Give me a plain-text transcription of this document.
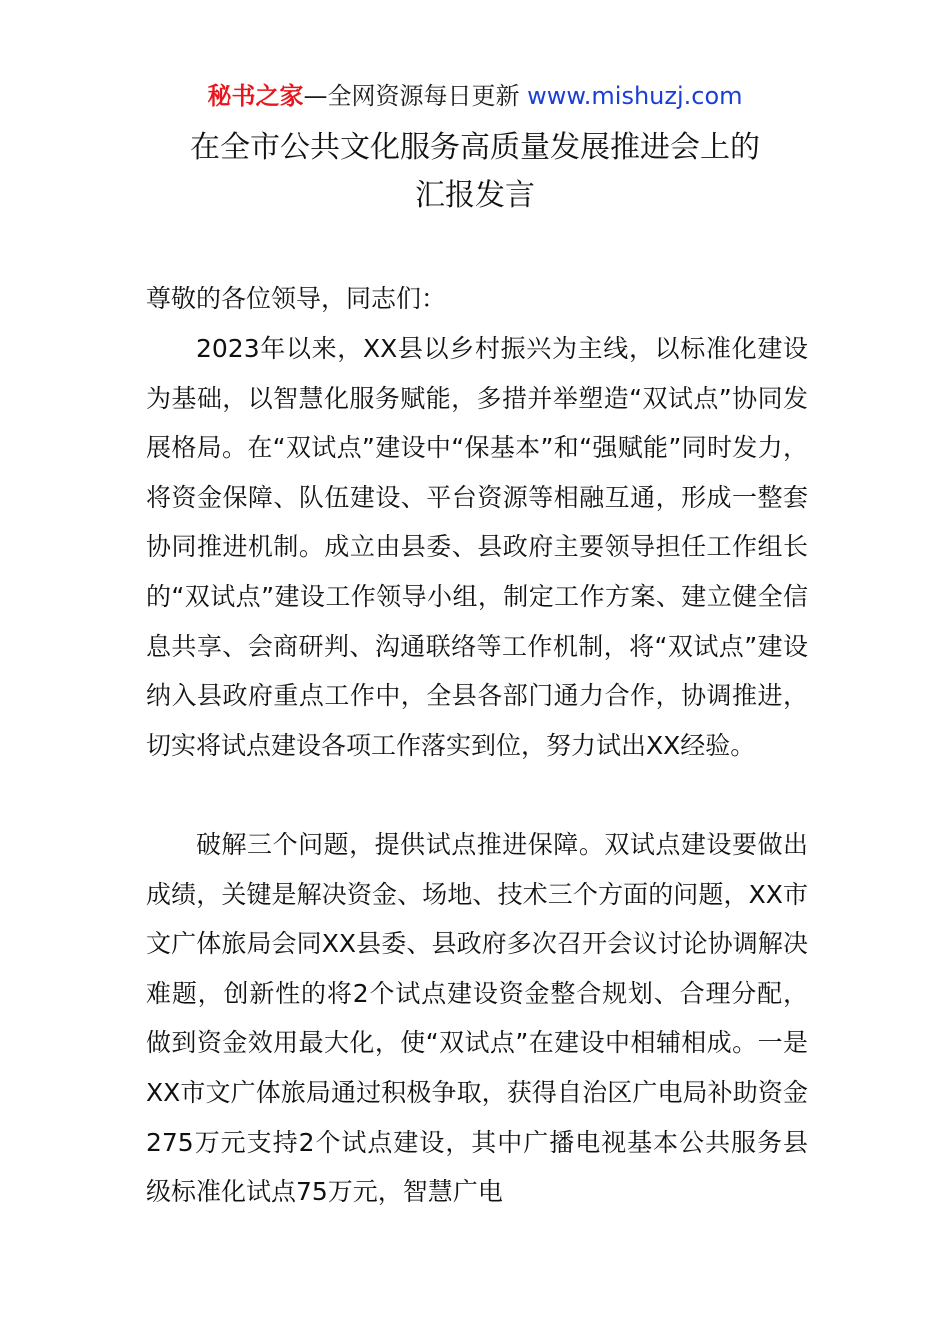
秘书之家—全网资源每日更新 www.mishuzj.com
在全市公共文化服务高质量发展推进会上的
汇报发言
尊敬的各位领导，同志们：

2023年以来，XX县以乡村振兴为主线，以标准化建设为基础，以智慧化服务赋能，多措并举塑造“双试点”协同发展格局。在“双试点”建设中“保基本”和“强赋能”同时发力，将资金保障、队伍建设、平台资源等相融互通，形成一整套协同推进机制。成立由县委、县政府主要领导担任工作组长的“双试点”建设工作领导小组，制定工作方案、建立健全信息共享、会商研判、沟通联络等工作机制，将“双试点”建设纳入县政府重点工作中，全县各部门通力合作，协调推进，切实将试点建设各项工作落实到位，努力试出XX经验。

破解三个问题，提供试点推进保障。双试点建设要做出成绩，关键是解决资金、场地、技术三个方面的问题，XX市文广体旅局会同XX县委、县政府多次召开会议讨论协调解决难题，创新性的将2个试点建设资金整合规划、合理分配，做到资金效用最大化，使“双试点”在建设中相辅相成。一是XX市文广体旅局通过积极争取，获得自治区广电局补助资金275万元支持2个试点建设，其中广播电视基本公共服务县级标准化试点75万元，智慧广电
